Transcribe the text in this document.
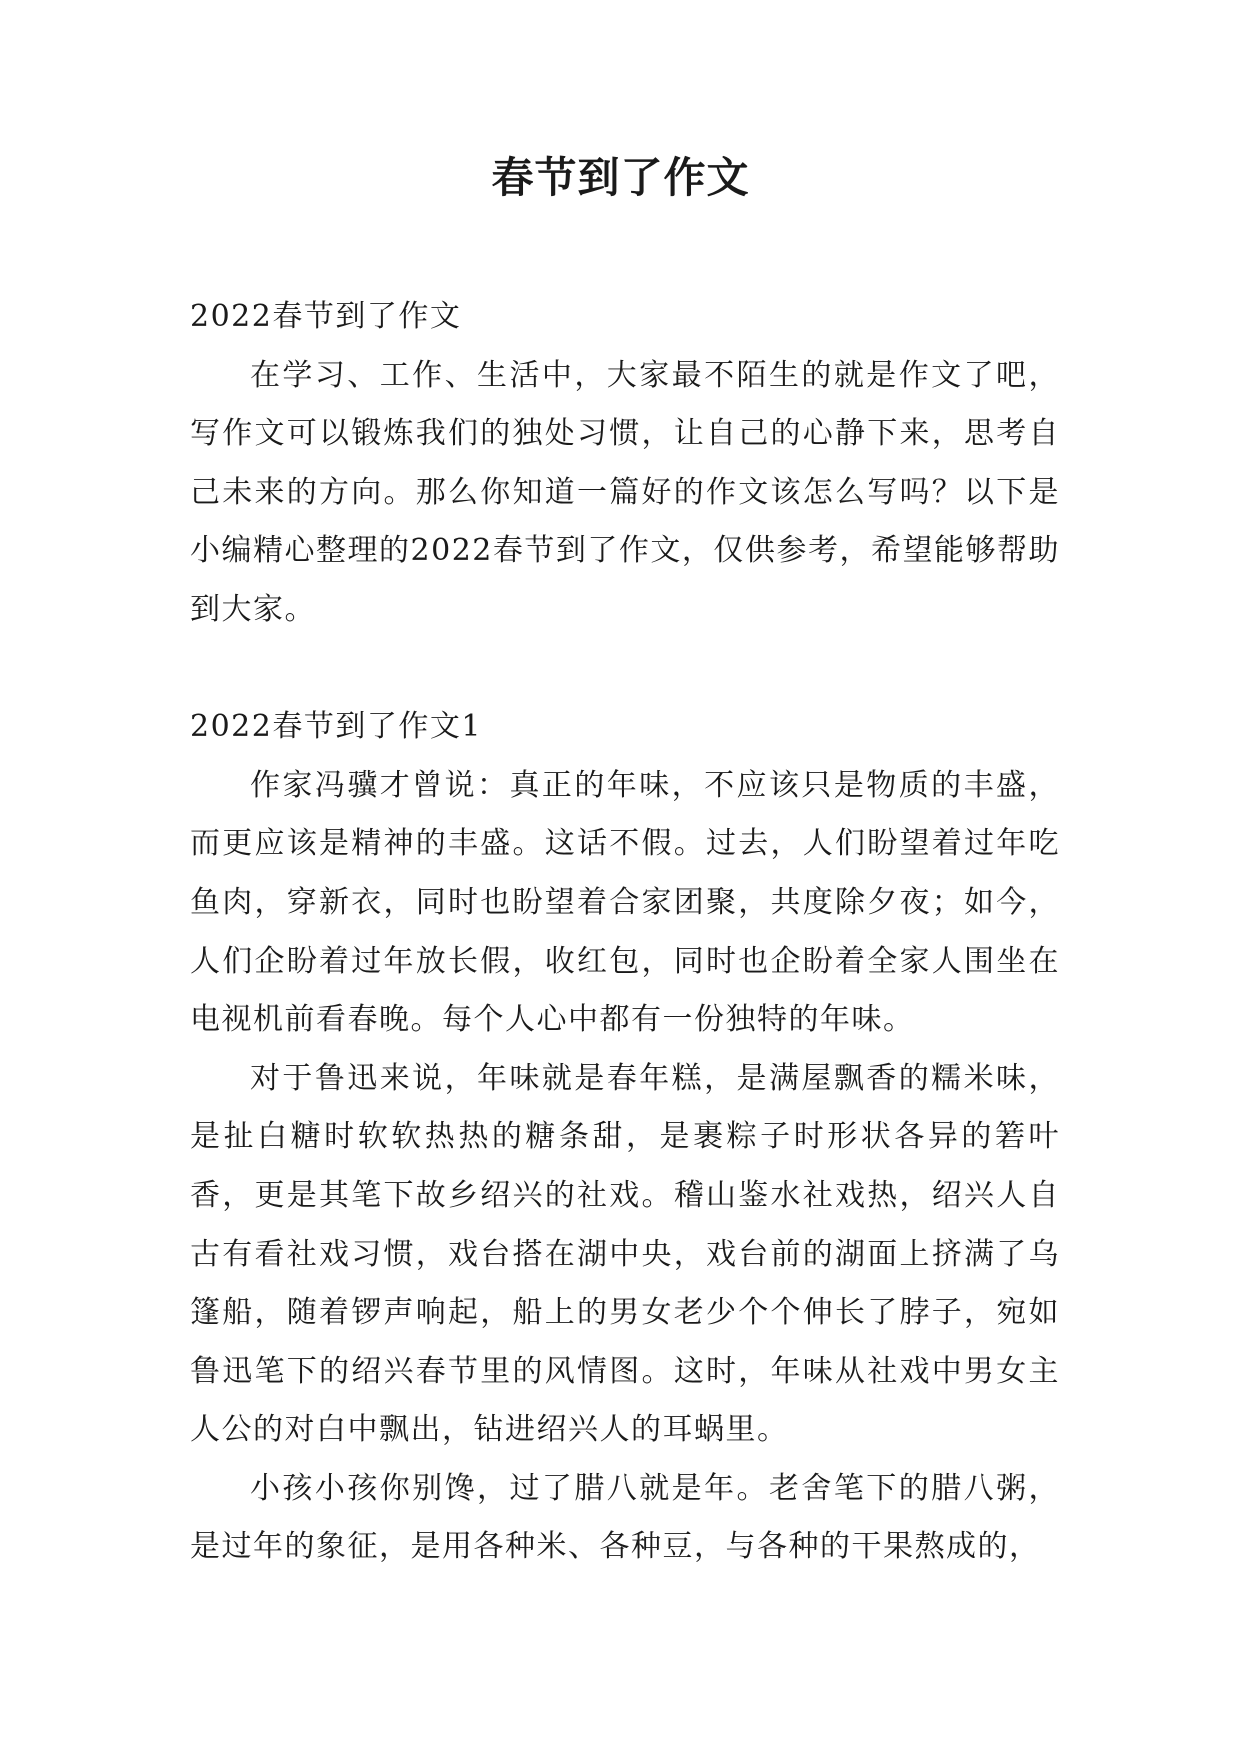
春节到了作文

2022春节到了作文

在学习、工作、生活中，大家最不陌生的就是作文了吧，写作文可以锻炼我们的独处习惯，让自己的心静下来，思考自己未来的方向。那么你知道一篇好的作文该怎么写吗？以下是小编精心整理的2022春节到了作文，仅供参考，希望能够帮助到大家。

2022春节到了作文1

作家冯骥才曾说：真正的年味，不应该只是物质的丰盛，而更应该是精神的丰盛。这话不假。过去，人们盼望着过年吃鱼肉，穿新衣，同时也盼望着合家团聚，共度除夕夜；如今，人们企盼着过年放长假，收红包，同时也企盼着全家人围坐在电视机前看春晚。每个人心中都有一份独特的年味。

对于鲁迅来说，年味就是春年糕，是满屋飘香的糯米味，是扯白糖时软软热热的糖条甜，是裹粽子时形状各异的箬叶香，更是其笔下故乡绍兴的社戏。稽山鉴水社戏热，绍兴人自古有看社戏习惯，戏台搭在湖中央，戏台前的湖面上挤满了乌篷船，随着锣声响起，船上的男女老少个个伸长了脖子，宛如鲁迅笔下的绍兴春节里的风情图。这时，年味从社戏中男女主人公的对白中飘出，钻进绍兴人的耳蜗里。

小孩小孩你别馋，过了腊八就是年。老舍笔下的腊八粥，是过年的象征，是用各种米、各种豆，与各种的干果熬成的，
